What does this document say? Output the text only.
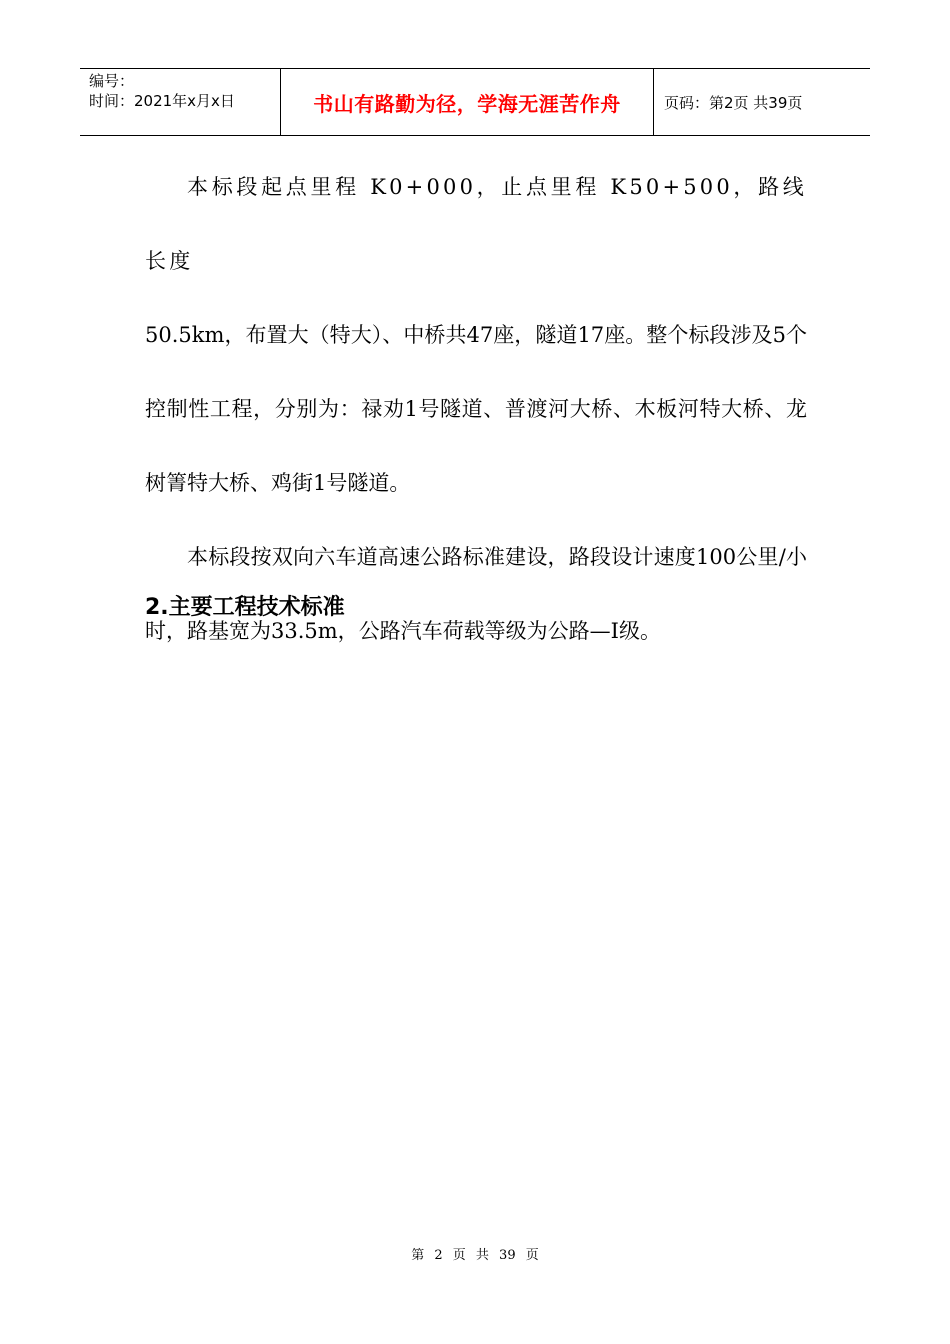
编号：
时间：2021年x月x日	书山有路勤为径，学海无涯苦作舟	页码：第2页 共39页

本标段起点里程 K0+000，止点里程 K50+500，路线长度
50.5km，布置大（特大）、中桥共47座，隧道17座。整个标段涉及5个控制性工程，分别为：禄劝1号隧道、普渡河大桥、木板河特大桥、龙树箐特大桥、鸡街1号隧道。

本标段按双向六车道高速公路标准建设，路段设计速度100公里/小时，路基宽为33.5m，公路汽车荷载等级为公路—I级。

2.主要工程技术标准
第 2 页 共 39 页
